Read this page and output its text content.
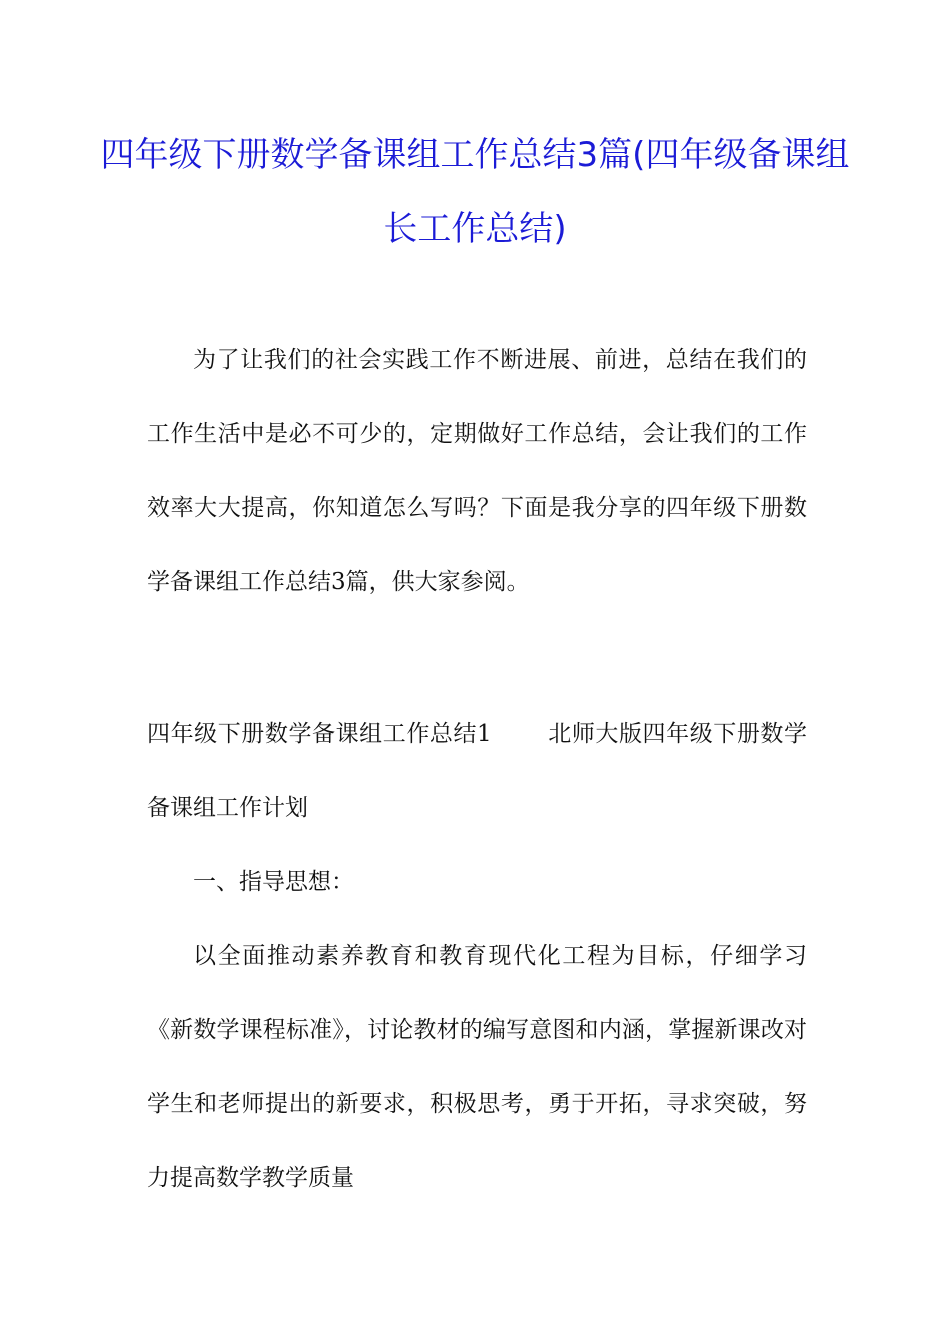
四年级下册数学备课组工作总结3篇(四年级备课组长工作总结)

为了让我们的社会实践工作不断进展、前进，总结在我们的工作生活中是必不可少的，定期做好工作总结，会让我们的工作效率大大提高，你知道怎么写吗？下面是我分享的四年级下册数学备课组工作总结3篇，供大家参阅。

四年级下册数学备课组工作总结1 北师大版四年级下册数学备课组工作计划

一、指导思想：

以全面推动素养教育和教育现代化工程为目标，仔细学习《新数学课程标准》，讨论教材的编写意图和内涵，掌握新课改对学生和老师提出的新要求，积极思考，勇于开拓，寻求突破，努力提高数学教学质量
